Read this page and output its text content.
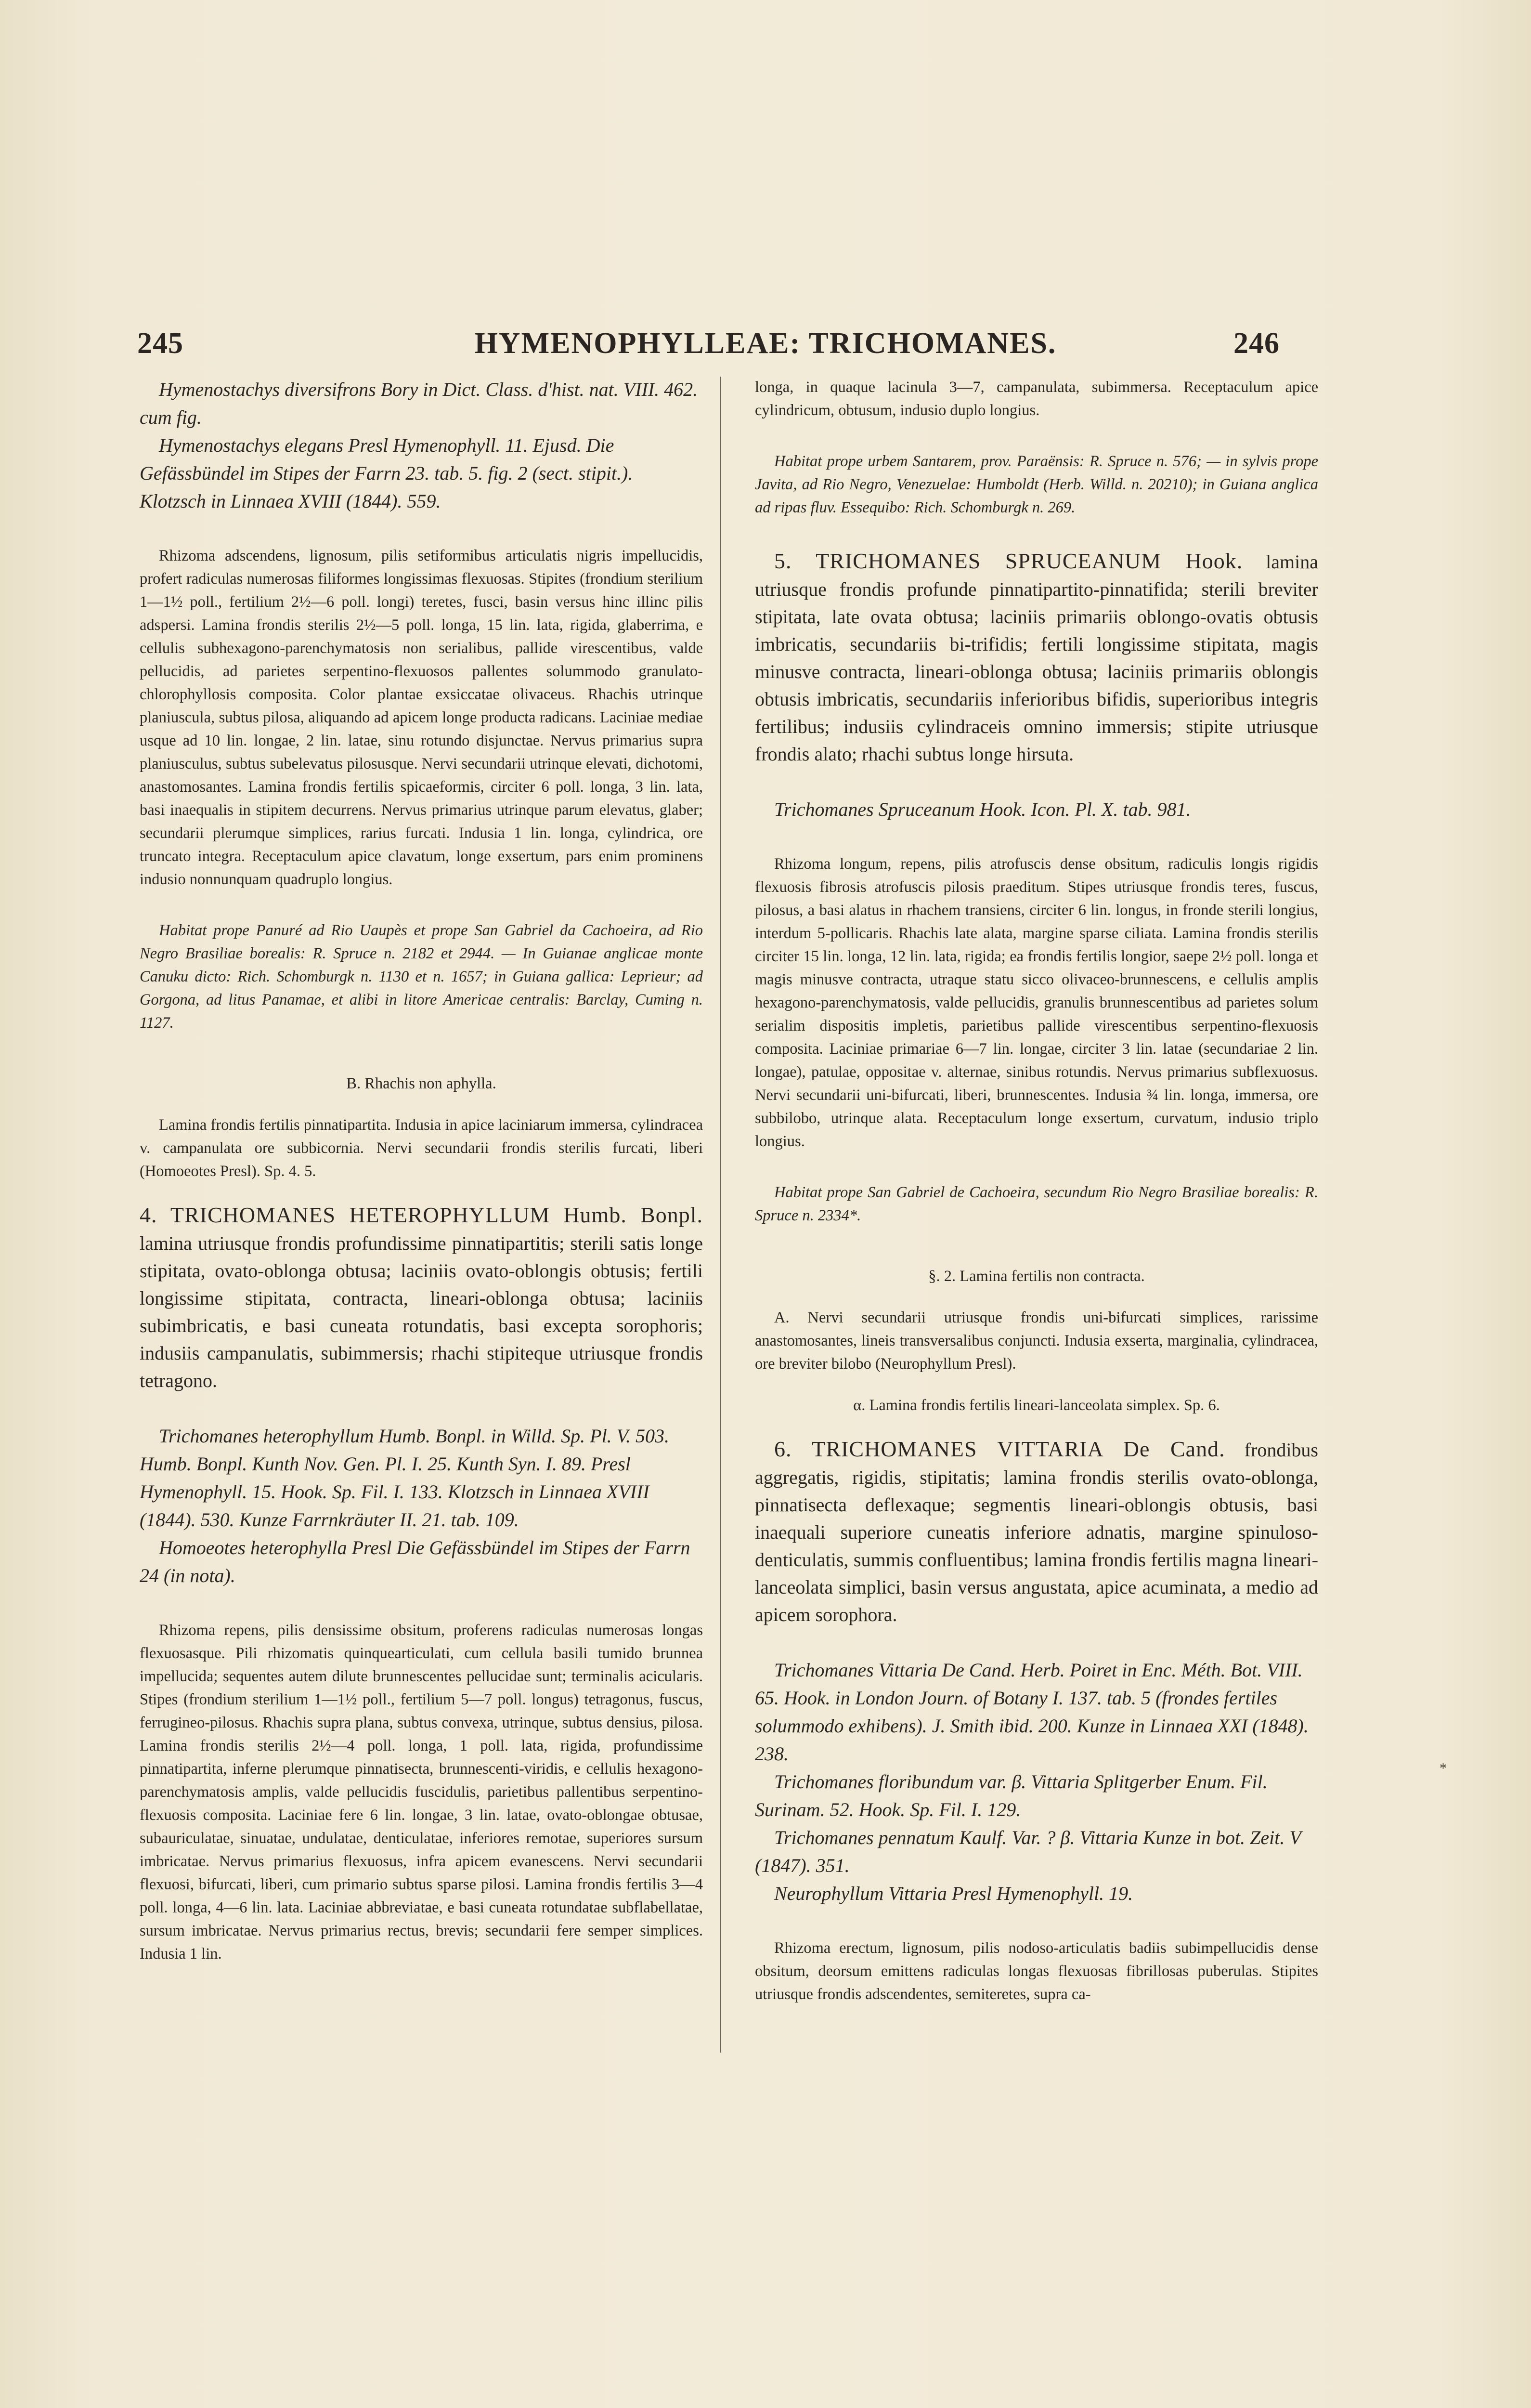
245	HYMENOPHYLLEAE: TRICHOMANES.	246

Hymenostachys diversifrons Bory in Dict. Class. d'hist. nat. VIII. 462. cum fig.

Hymenostachys elegans Presl Hymenophyll. 11. Ejusd. Die Gefässbündel im Stipes der Farrn 23. tab. 5. fig. 2 (sect. stipit.). Klotzsch in Linnaea XVIII (1844). 559.

Rhizoma adscendens, lignosum, pilis setiformibus articulatis nigris impellucidis, profert radiculas numerosas filiformes longissimas flexuosas. Stipites (frondium sterilium 1—1½ poll., fertilium 2½—6 poll. longi) teretes, fusci, basin versus hinc illinc pilis adspersi. Lamina frondis sterilis 2½—5 poll. longa, 15 lin. lata, rigida, glaberrima, e cellulis subhexagono-parenchymatosis non serialibus, pallide virescentibus, valde pellucidis, ad parietes serpentino-flexuosos pallentes solummodo granulato-chlorophyllosis composita. Color plantae exsiccatae olivaceus. Rhachis utrinque planiuscula, subtus pilosa, aliquando ad apicem longe producta radicans. Laciniae mediae usque ad 10 lin. longae, 2 lin. latae, sinu rotundo disjunctae. Nervus primarius supra planiusculus, subtus subelevatus pilosusque. Nervi secundarii utrinque elevati, dichotomi, anastomosantes. Lamina frondis fertilis spicaeformis, circiter 6 poll. longa, 3 lin. lata, basi inaequalis in stipitem decurrens. Nervus primarius utrinque parum elevatus, glaber; secundarii plerumque simplices, rarius furcati. Indusia 1 lin. longa, cylindrica, ore truncato integra. Receptaculum apice clavatum, longe exsertum, pars enim prominens indusio nonnunquam quadruplo longius.

Habitat prope Panuré ad Rio Uaupès et prope San Gabriel da Cachoeira, ad Rio Negro Brasiliae borealis: R. Spruce n. 2182 et 2944. — In Guianae anglicae monte Canuku dicto: Rich. Schomburgk n. 1130 et n. 1657; in Guiana gallica: Leprieur; ad Gorgona, ad litus Panamae, et alibi in litore Americae centralis: Barclay, Cuming n. 1127.

B. Rhachis non aphylla.

Lamina frondis fertilis pinnatipartita. Indusia in apice laciniarum immersa, cylindracea v. campanulata ore subbicornia. Nervi secundarii frondis sterilis furcati, liberi (Homoeotes Presl). Sp. 4. 5.

4. TRICHOMANES HETEROPHYLLUM Humb. Bonpl. lamina utriusque frondis profundissime pinnatipartitis; sterili satis longe stipitata, ovato-oblonga obtusa; laciniis ovato-oblongis obtusis; fertili longissime stipitata, contracta, lineari-oblonga obtusa; laciniis subimbricatis, e basi cuneata rotundatis, basi excepta sorophoris; indusiis campanulatis, subimmersis; rhachi stipiteque utriusque frondis tetragono.

Trichomanes heterophyllum Humb. Bonpl. in Willd. Sp. Pl. V. 503. Humb. Bonpl. Kunth Nov. Gen. Pl. I. 25. Kunth Syn. I. 89. Presl Hymenophyll. 15. Hook. Sp. Fil. I. 133. Klotzsch in Linnaea XVIII (1844). 530. Kunze Farrnkräuter II. 21. tab. 109.

Homoeotes heterophylla Presl Die Gefässbündel im Stipes der Farrn 24 (in nota).

Rhizoma repens, pilis densissime obsitum, proferens radiculas numerosas longas flexuosasque. Pili rhizomatis quinquearticulati, cum cellula basili tumido brunnea impellucida; sequentes autem dilute brunnescentes pellucidae sunt; terminalis acicularis. Stipes (frondium sterilium 1—1½ poll., fertilium 5—7 poll. longus) tetragonus, fuscus, ferrugineo-pilosus. Rhachis supra plana, subtus convexa, utrinque, subtus densius, pilosa. Lamina frondis sterilis 2½—4 poll. longa, 1 poll. lata, rigida, profundissime pinnatipartita, inferne plerumque pinnatisecta, brunnescenti-viridis, e cellulis hexagono-parenchymatosis amplis, valde pellucidis fuscidulis, parietibus pallentibus serpentino-flexuosis composita. Laciniae fere 6 lin. longae, 3 lin. latae, ovato-oblongae obtusae, subauriculatae, sinuatae, undulatae, denticulatae, inferiores remotae, superiores sursum imbricatae. Nervus primarius flexuosus, infra apicem evanescens. Nervi secundarii flexuosi, bifurcati, liberi, cum primario subtus sparse pilosi. Lamina frondis fertilis 3—4 poll. longa, 4—6 lin. lata. Laciniae abbreviatae, e basi cuneata rotundatae subflabellatae, sursum imbricatae. Nervus primarius rectus, brevis; secundarii fere semper simplices. Indusia 1 lin.

longa, in quaque lacinula 3—7, campanulata, subimmersa. Receptaculum apice cylindricum, obtusum, indusio duplo longius.

Habitat prope urbem Santarem, prov. Paraënsis: R. Spruce n. 576; — in sylvis prope Javita, ad Rio Negro, Venezuelae: Humboldt (Herb. Willd. n. 20210); in Guiana anglica ad ripas fluv. Essequibo: Rich. Schomburgk n. 269.

5. TRICHOMANES SPRUCEANUM Hook. lamina utriusque frondis profunde pinnatipartito-pinnatifida; sterili breviter stipitata, late ovata obtusa; laciniis primariis oblongo-ovatis obtusis imbricatis, secundariis bi-trifidis; fertili longissime stipitata, magis minusve contracta, lineari-oblonga obtusa; laciniis primariis oblongis obtusis imbricatis, secundariis inferioribus bifidis, superioribus integris fertilibus; indusiis cylindraceis omnino immersis; stipite utriusque frondis alato; rhachi subtus longe hirsuta.

Trichomanes Spruceanum Hook. Icon. Pl. X. tab. 981.

Rhizoma longum, repens, pilis atrofuscis dense obsitum, radiculis longis rigidis flexuosis fibrosis atrofuscis pilosis praeditum. Stipes utriusque frondis teres, fuscus, pilosus, a basi alatus in rhachem transiens, circiter 6 lin. longus, in fronde sterili longius, interdum 5-pollicaris. Rhachis late alata, margine sparse ciliata. Lamina frondis sterilis circiter 15 lin. longa, 12 lin. lata, rigida; ea frondis fertilis longior, saepe 2½ poll. longa et magis minusve contracta, utraque statu sicco olivaceo-brunnescens, e cellulis amplis hexagono-parenchymatosis, valde pellucidis, granulis brunnescentibus ad parietes solum serialim dispositis impletis, parietibus pallide virescentibus serpentino-flexuosis composita. Laciniae primariae 6—7 lin. longae, circiter 3 lin. latae (secundariae 2 lin. longae), patulae, oppositae v. alternae, sinibus rotundis. Nervus primarius subflexuosus. Nervi secundarii uni-bifurcati, liberi, brunnescentes. Indusia ¾ lin. longa, immersa, ore subbilobo, utrinque alata. Receptaculum longe exsertum, curvatum, indusio triplo longius.

Habitat prope San Gabriel de Cachoeira, secundum Rio Negro Brasiliae borealis: R. Spruce n. 2334*.

§. 2. Lamina fertilis non contracta.

A. Nervi secundarii utriusque frondis uni-bifurcati simplices, rarissime anastomosantes, lineis transversalibus conjuncti. Indusia exserta, marginalia, cylindracea, ore breviter bilobo (Neurophyllum Presl).

α. Lamina frondis fertilis lineari-lanceolata simplex. Sp. 6.

6. TRICHOMANES VITTARIA De Cand. frondibus aggregatis, rigidis, stipitatis; lamina frondis sterilis ovato-oblonga, pinnatisecta deflexaque; segmentis lineari-oblongis obtusis, basi inaequali superiore cuneatis inferiore adnatis, margine spinuloso-denticulatis, summis confluentibus; lamina frondis fertilis magna lineari-lanceolata simplici, basin versus angustata, apice acuminata, a medio ad apicem sorophora.

Trichomanes Vittaria De Cand. Herb. Poiret in Enc. Méth. Bot. VIII. 65. Hook. in London Journ. of Botany I. 137. tab. 5 (frondes fertiles solummodo exhibens). J. Smith ibid. 200. Kunze in Linnaea XXI (1848). 238.

Trichomanes floribundum var. β. Vittaria Splitgerber Enum. Fil. Surinam. 52. Hook. Sp. Fil. I. 129.

Trichomanes pennatum Kaulf. Var. ? β. Vittaria Kunze in bot. Zeit. V (1847). 351.

Neurophyllum Vittaria Presl Hymenophyll. 19.

Rhizoma erectum, lignosum, pilis nodoso-articulatis badiis subimpellucidis dense obsitum, deorsum emittens radiculas longas flexuosas fibrillosas puberulas. Stipites utriusque frondis adscendentes, semiteretes, supra ca-

*
